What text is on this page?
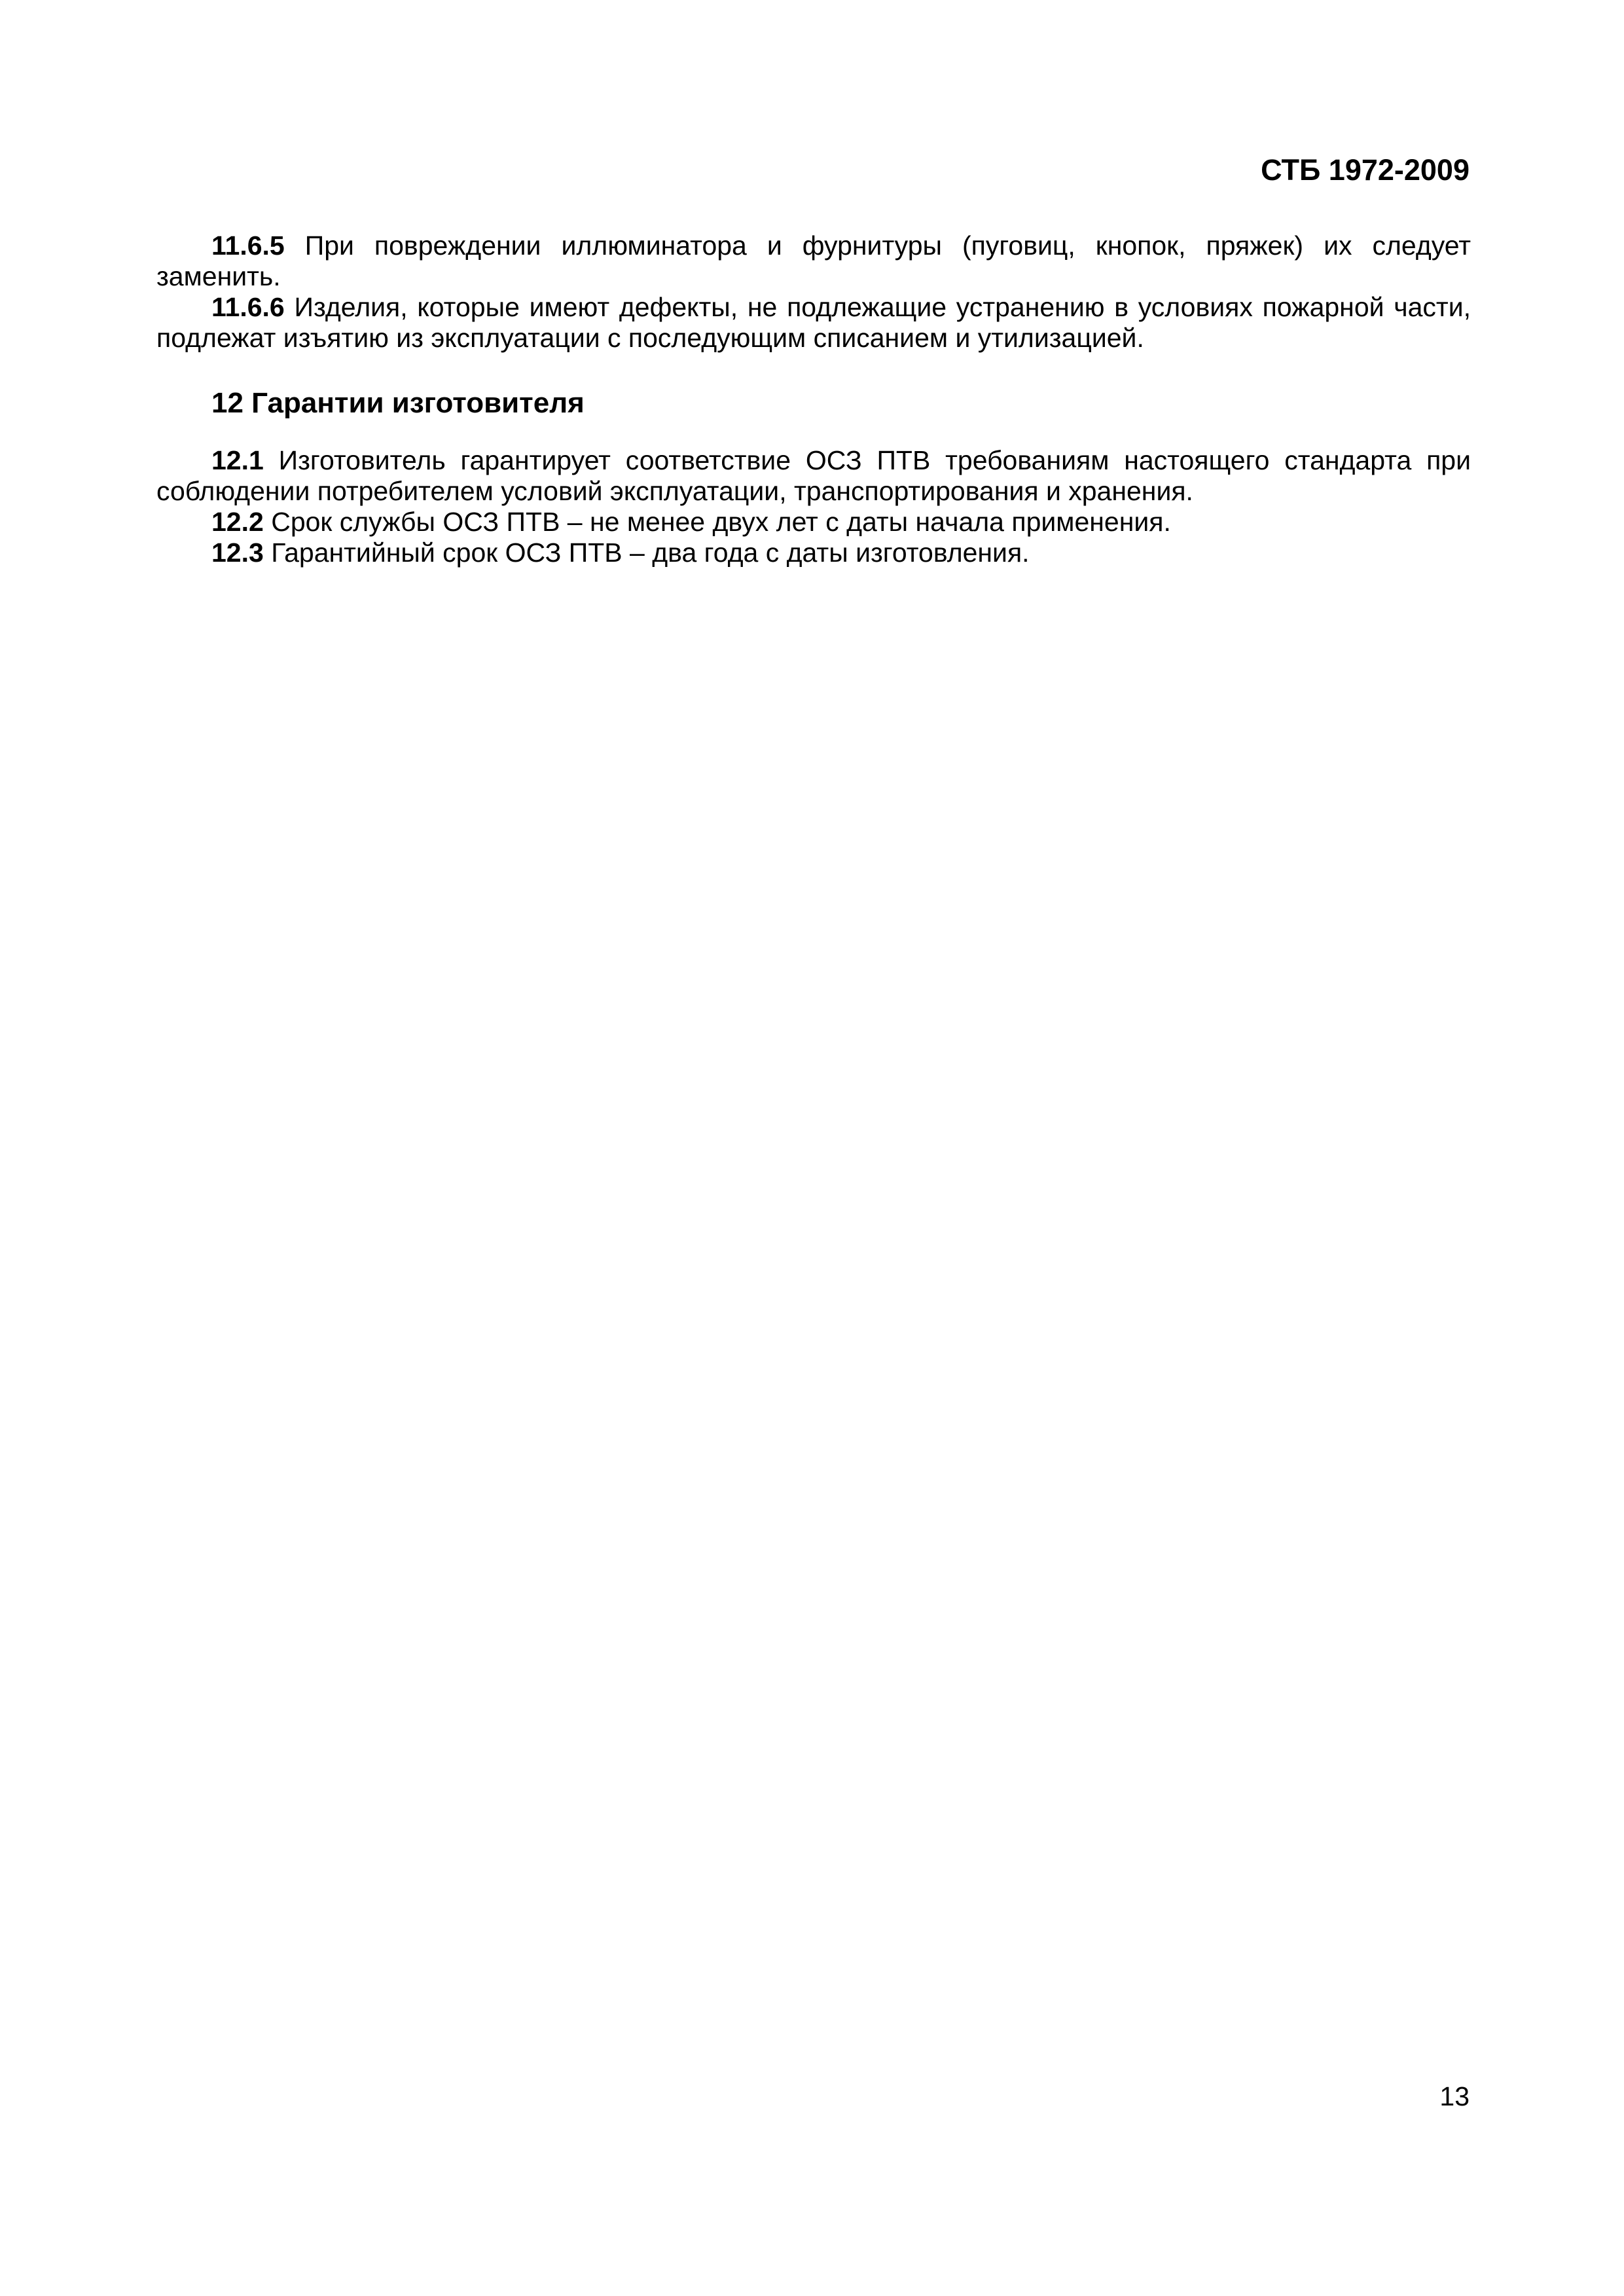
СТБ 1972-2009

11.6.5 При повреждении иллюминатора и фурнитуры (пуговиц, кнопок, пряжек) их следует заменить.

11.6.6 Изделия, которые имеют дефекты, не подлежащие устранению в условиях пожарной части, подлежат изъятию из эксплуатации с последующим списанием и утилизацией.

12 Гарантии изготовителя

12.1 Изготовитель гарантирует соответствие ОСЗ ПТВ требованиям настоящего стандарта при соблюдении потребителем условий эксплуатации, транспортирования и хранения.

12.2 Срок службы ОСЗ ПТВ – не менее двух лет с даты начала применения.

12.3 Гарантийный срок ОСЗ ПТВ – два года с даты изготовления.

13
